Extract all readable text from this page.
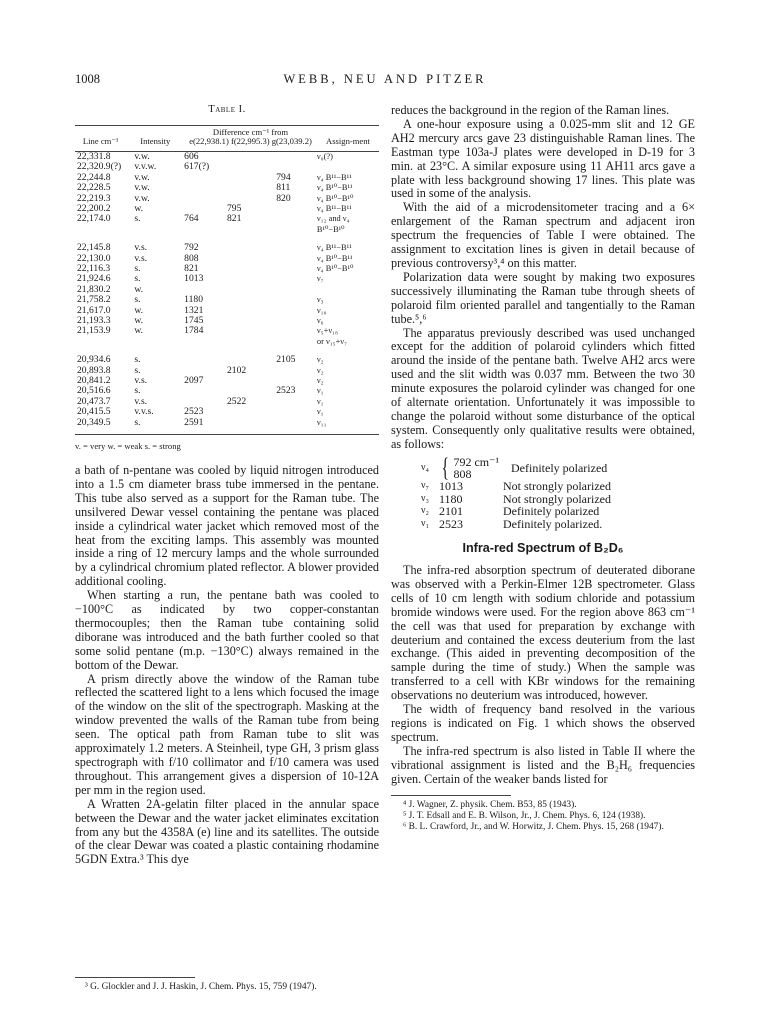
1008	WEBB, NEU AND PITZER
Table I.
Line cm⁻¹	Intensity	Difference cm⁻¹ from
e(22,938.1) f(22,995.3) g(23,039.2)			Assign-ment

22,331.8	v.w.	606			ν₀(?)
22,320.9(?)	v.v.w.	617(?)			
22,244.8	v.w.			794	ν₄ B¹¹−B¹¹
22,228.5	v.w.			811	ν₄ B¹⁰−B¹¹
22,219.3	v.w.			820	ν₄ B¹⁰−B¹⁰
22,200.2	w.		795		ν₄ B¹¹−B¹¹
22,174.0	s.	764	821		ν₁₂ and ν₄
					B¹⁰−B¹⁰

22,145.8	v.s.	792			ν₄ B¹¹−B¹¹
22,130.0	v.s.	808			ν₄ B¹⁰−B¹¹
22,116.3	s.	821			ν₄ B¹⁰−B¹⁰
21,924.6	s.	1013			ν₇
21,830.2	w.				
21,758.2	s.	1180			ν₃
21,617.0	w.	1321			ν₁₀
21,193.3	w.	1745			ν₆
21,153.9	w.	1784			ν₅+ν₁₈
					or ν₁₅+ν₇

20,934.6	s.			2105	ν₂
20,893.8	s.		2102		ν₂
20,841.2	v.s.	2097			ν₂
20,516.6	s.			2523	ν₁
20,473.7	v.s.		2522		ν₁
20,415.5	v.v.s.	2523			ν₁
20,349.5	s.	2591			ν₁₁
v. = very w. = weak s. = strong

a bath of n-pentane was cooled by liquid nitrogen introduced into a 1.5 cm diameter brass tube immersed in the pentane. This tube also served as a support for the Raman tube. The unsilvered Dewar vessel containing the pentane was placed inside a cylindrical water jacket which removed most of the heat from the exciting lamps. This assembly was mounted inside a ring of 12 mercury lamps and the whole surrounded by a cylindrical chromium plated reflector. A blower provided additional cooling.

When starting a run, the pentane bath was cooled to −100°C as indicated by two copper-constantan thermocouples; then the Raman tube containing solid diborane was introduced and the bath further cooled so that some solid pentane (m.p. −130°C) always remained in the bottom of the Dewar.

A prism directly above the window of the Raman tube reflected the scattered light to a lens which focused the image of the window on the slit of the spectrograph. Masking at the window prevented the walls of the Raman tube from being seen. The optical path from Raman tube to slit was approximately 1.2 meters. A Steinheil, type GH, 3 prism glass spectrograph with f/10 collimator and f/10 camera was used throughout. This arrangement gives a dispersion of 10-12A per mm in the region used.

A Wratten 2A-gelatin filter placed in the annular space between the Dewar and the water jacket eliminates excitation from any but the 4358A (e) line and its satellites. The outside of the clear Dewar was coated a plastic containing rhodamine 5GDN Extra.³ This dye

³ G. Glockler and J. J. Haskin, J. Chem. Phys. 15, 759 (1947).

reduces the background in the region of the Raman lines.

A one-hour exposure using a 0.025-mm slit and 12 GE AH2 mercury arcs gave 23 distinguishable Raman lines. The Eastman type 103a-J plates were developed in D-19 for 3 min. at 23°C. A similar exposure using 11 AH11 arcs gave a plate with less background showing 17 lines. This plate was used in some of the analysis.

With the aid of a microdensitometer tracing and a 6× enlargement of the Raman spectrum and adjacent iron spectrum the frequencies of Table I were obtained. The assignment to excitation lines is given in detail because of previous controversy³,⁴ on this matter.

Polarization data were sought by making two exposures successively illuminating the Raman tube through sheets of polaroid film oriented parallel and tangentially to the Raman tube.⁵,⁶

The apparatus previously described was used unchanged except for the addition of polaroid cylinders which fitted around the inside of the pentane bath. Twelve AH2 arcs were used and the slit width was 0.037 mm. Between the two 30 minute exposures the polaroid cylinder was changed for one of alternate orientation. Unfortunately it was impossible to change the polaroid without some disturbance of the optical system. Consequently only qualitative results were obtained, as follows:

ν₄ { 792 cm⁻¹
808	Definitely polarized
ν₇ 1013	Not strongly polarized
ν₃ 1180	Not strongly polarized
ν₂ 2101	Definitely polarized
ν₁ 2523	Definitely polarized.
Infra-red Spectrum of B₂D₆

The infra-red absorption spectrum of deuterated diborane was observed with a Perkin-Elmer 12B spectrometer. Glass cells of 10 cm length with sodium chloride and potassium bromide windows were used. For the region above 863 cm⁻¹ the cell was that used for preparation by exchange with deuterium and contained the excess deuterium from the last exchange. (This aided in preventing decomposition of the sample during the time of study.) When the sample was transferred to a cell with KBr windows for the remaining observations no deuterium was introduced, however.

The width of frequency band resolved in the various regions is indicated on Fig. 1 which shows the observed spectrum.

The infra-red spectrum is also listed in Table II where the vibrational assignment is listed and the B₂H₆ frequencies given. Certain of the weaker bands listed for

⁴ J. Wagner, Z. physik. Chem. B53, 85 (1943).

⁵ J. T. Edsall and E. B. Wilson, Jr., J. Chem. Phys. 6, 124 (1938).

⁶ B. L. Crawford, Jr., and W. Horwitz, J. Chem. Phys. 15, 268 (1947).
